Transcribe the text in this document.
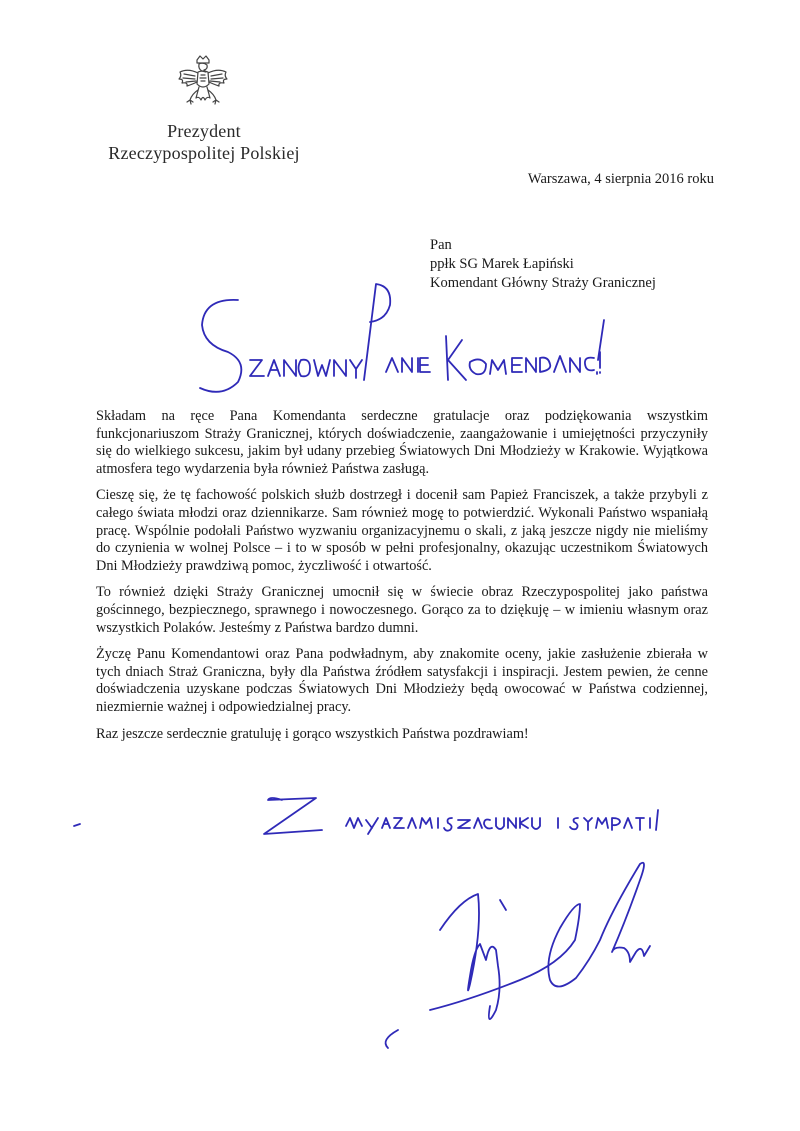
Prezydent
Rzeczypospolitej Polskiej
Warszawa, 4 sierpnia 2016 roku
Pan
ppłk SG Marek Łapiński
Komendant Główny Straży Granicznej

Składam na ręce Pana Komendanta serdeczne gratulacje oraz podziękowania wszystkim funkcjonariuszom Straży Granicznej, których doświadczenie, zaangażowanie i umiejętności przyczyniły się do wielkiego sukcesu, jakim był udany przebieg Światowych Dni Młodzieży w Krakowie. Wyjątkowa atmosfera tego wydarzenia była również Państwa zasługą.

Cieszę się, że tę fachowość polskich służb dostrzegł i docenił sam Papież Franciszek, a także przybyli z całego świata młodzi oraz dziennikarze. Sam również mogę to potwierdzić. Wykonali Państwo wspaniałą pracę. Wspólnie podołali Państwo wyzwaniu organizacyjnemu o skali, z jaką jeszcze nigdy nie mieliśmy do czynienia w wolnej Polsce – i to w sposób w pełni profesjonalny, okazując uczestnikom Światowych Dni Młodzieży prawdziwą pomoc, życzliwość i otwartość.

To również dzięki Straży Granicznej umocnił się w świecie obraz Rzeczypospolitej jako państwa gościnnego, bezpiecznego, sprawnego i nowoczesnego. Gorąco za to dziękuję – w imieniu własnym oraz wszystkich Polaków. Jesteśmy z Państwa bardzo dumni.

Życzę Panu Komendantowi oraz Pana podwładnym, aby znakomite oceny, jakie zasłużenie zbierała w tych dniach Straż Graniczna, były dla Państwa źródłem satysfakcji i inspiracji. Jestem pewien, że cenne doświadczenia uzyskane podczas Światowych Dni Młodzieży będą owocować w Państwa codziennej, niezmiernie ważnej i odpowiedzialnej pracy.

Raz jeszcze serdecznie gratuluję i gorąco wszystkich Państwa pozdrawiam!
